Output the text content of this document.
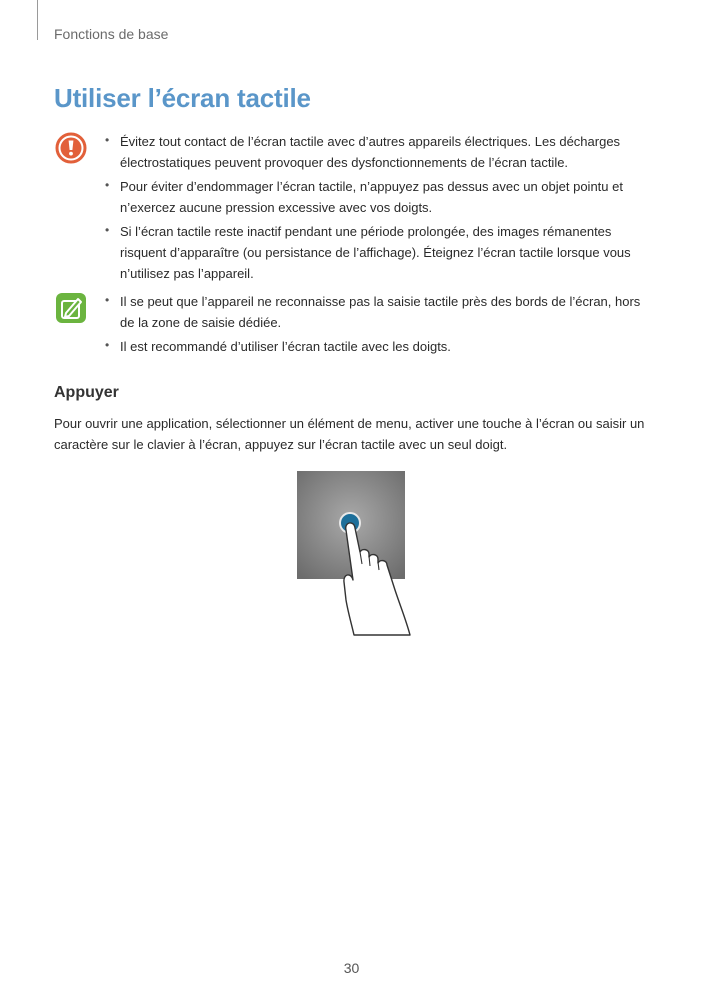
Fonctions de base
Utiliser l’écran tactile
• Évitez tout contact de l’écran tactile avec d’autres appareils électriques. Les décharges électrostatiques peuvent provoquer des dysfonctionnements de l’écran tactile.
• Pour éviter d’endommager l’écran tactile, n’appuyez pas dessus avec un objet pointu et n’exercez aucune pression excessive avec vos doigts.
• Si l’écran tactile reste inactif pendant une période prolongée, des images rémanentes risquent d’apparaître (ou persistance de l’affichage). Éteignez l’écran tactile lorsque vous n’utilisez pas l’appareil.
• Il se peut que l’appareil ne reconnaisse pas la saisie tactile près des bords de l’écran, hors de la zone de saisie dédiée.
• Il est recommandé d’utiliser l’écran tactile avec les doigts.
Appuyer

Pour ouvrir une application, sélectionner un élément de menu, activer une touche à l’écran ou saisir un caractère sur le clavier à l’écran, appuyez sur l’écran tactile avec un seul doigt.

30
